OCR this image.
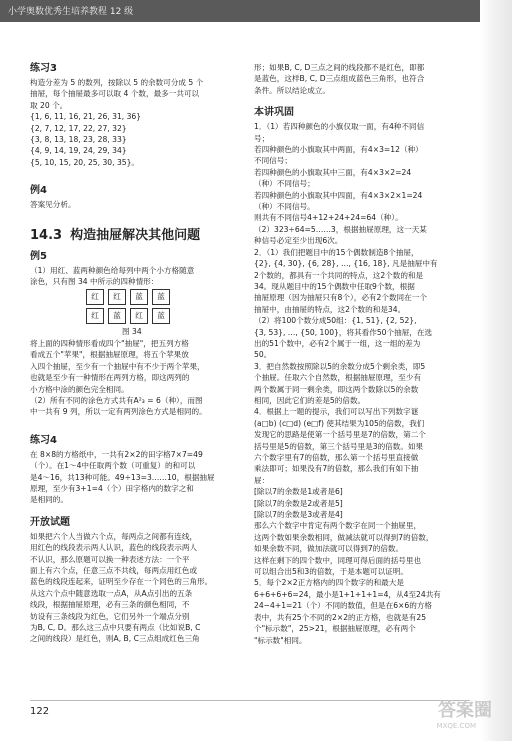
小学奥数优秀生培养教程 12 级
练习3

构造分差为 5 的数列，按除以 5 的余数可分成 5 个

抽屉，每个抽屉最多可以取 4 个数，最多一共可以

取 20 个。

{1, 6, 11, 16, 21, 26, 31, 36}

{2, 7, 12, 17, 22, 27, 32}

{3, 8, 13, 18, 23, 28, 33}

{4, 9, 14, 19, 24, 29, 34}

{5, 10, 15, 20, 25, 30, 35}。

例4

答案见分析。

14.3 构造抽屉解决其他问题
例5

（1）用红、蓝两种颜色给每列中两个小方格随意

涂色，只有图 34 中所示的四种情形：

红	红	蓝	蓝
红	蓝	红	蓝

图 34

将上面的四种情形看成四个"抽屉"，把五列方格

看成五个"苹果"，根据抽屉原理，将五个苹果放

入四个抽屉，至少有一个抽屉中有不少于两个苹果，

也就是至少有一种情形在两列方格，即这两列的

小方格中涂的颜色完全相同。

（2）所有不同的涂色方式共有A²₃ = 6（种），而图

中一共有 9 列，所以一定有两列涂色方式是相同的。

练习4

在 8×8的方格纸中，一共有2×2的田字格7×7=49

（个）。在1～4中任取两个数（可重复）的和可以

是4～16，共13种可能。49÷13=3……10，根据抽屉

原理，至少有3+1=4（个）田字格内的数字之和

是相同的。

开放试题

如果把六个人当做六个点，每两点之间都有连线，

用红色的线段表示两人认识，蓝色的线段表示两人

不认识，那么原题可以换一种表述方法：一个平

面上有六个点，任意三点不共线，每两点用红色或

蓝色的线段连起来，证明至少存在一个同色的三角形。

从这六个点中随意选取一点A，从A点引出的五条

线段，根据抽屉原理，必有三条的颜色相同，不

妨设有三条线段为红色，它们另外一个端点分别

为B, C, D。那么这三点中只要有两点（比如说B, C

之间的线段）是红色，则A, B, C三点组成红色三角

形；如果B, C, D三点之间的线段都不是红色，即都

是蓝色，这样B, C, D三点组成蓝色三角形，也符合

条件。所以结论成立。

本讲巩固

1．（1）若四种颜色的小旗仅取一面，有4种不同信

号；

若四种颜色的小旗取其中两面，有4×3=12（种）

不同信号；

若四种颜色的小旗取其中三面，有4×3×2=24

（种）不同信号；

若四种颜色的小旗取其中四面，有4×3×2×1=24

（种）不同信号。

则共有不同信号4+12+24+24=64（种）。

（2）323÷64=5……3，根据抽屉原理，这一天某

种信号必定至少出现6次。

2．（1）我们把题目中的15个偶数制造8个抽屉，

{2}, {4, 30}, {6, 28}, …, {16, 18}, 凡是抽屉中有

2个数的，都具有一个共同的特点，这2个数的和是

34。现从题目中的15个偶数中任取9个数，根据

抽屉原理（因为抽屉只有8个），必有2个数同在一个

抽屉中，由抽屉的特点，这2个数的和是34。

（2）将100个数分成50组：{1, 51}, {2, 52},

{3, 53}, …, {50, 100}，将其看作50个抽屉，在选

出的51个数中，必有2个属于一组，这一组的差为

50。

3．把自然数按照除以5的余数分成5个剩余类，即5

个抽屉。任取六个自然数，根据抽屉原理，至少有

两个数属于同一剩余类，即这两个数除以5的余数

相同，因此它们的差是5的倍数。

4．根据上一题的提示，我们可以写出下列数字谜

(a□b) (c□d) (e□f) 使其结果为105的倍数，我们

发现它的思路是使第一个括号里是7的倍数，第二个

括号里是5的倍数，第三个括号里是3的倍数。如果

六个数字里有7的倍数，那么第一个括号里直接做

乘法即可；如果没有7的倍数，那么我们有如下抽

屉：

[除以7的余数是1或者是6]

[除以7的余数是2或者是5]

[除以7的余数是3或者是4]

那么六个数字中肯定有两个数字在同一个抽屉里，

这两个数如果余数相同，做减法就可以得到7的倍数，

如果余数不同，做加法就可以得到7的倍数。

这样在剩下的四个数中，同理可得后面的括号里也

可以组合出5和3的倍数，于是本题可以证明。

5．每个2×2正方格内的四个数字的和最大是

6+6+6+6=24，最小是1+1+1+1=4，从4至24共有

24−4+1=21（个）不同的数值，但是在6×6的方格

表中，共有25个不同的2×2的正方格，也就是有25

个"标示数"，25>21，根据抽屉原理，必有两个

"标示数"相同。

122	答案圈
MXQE.COM
